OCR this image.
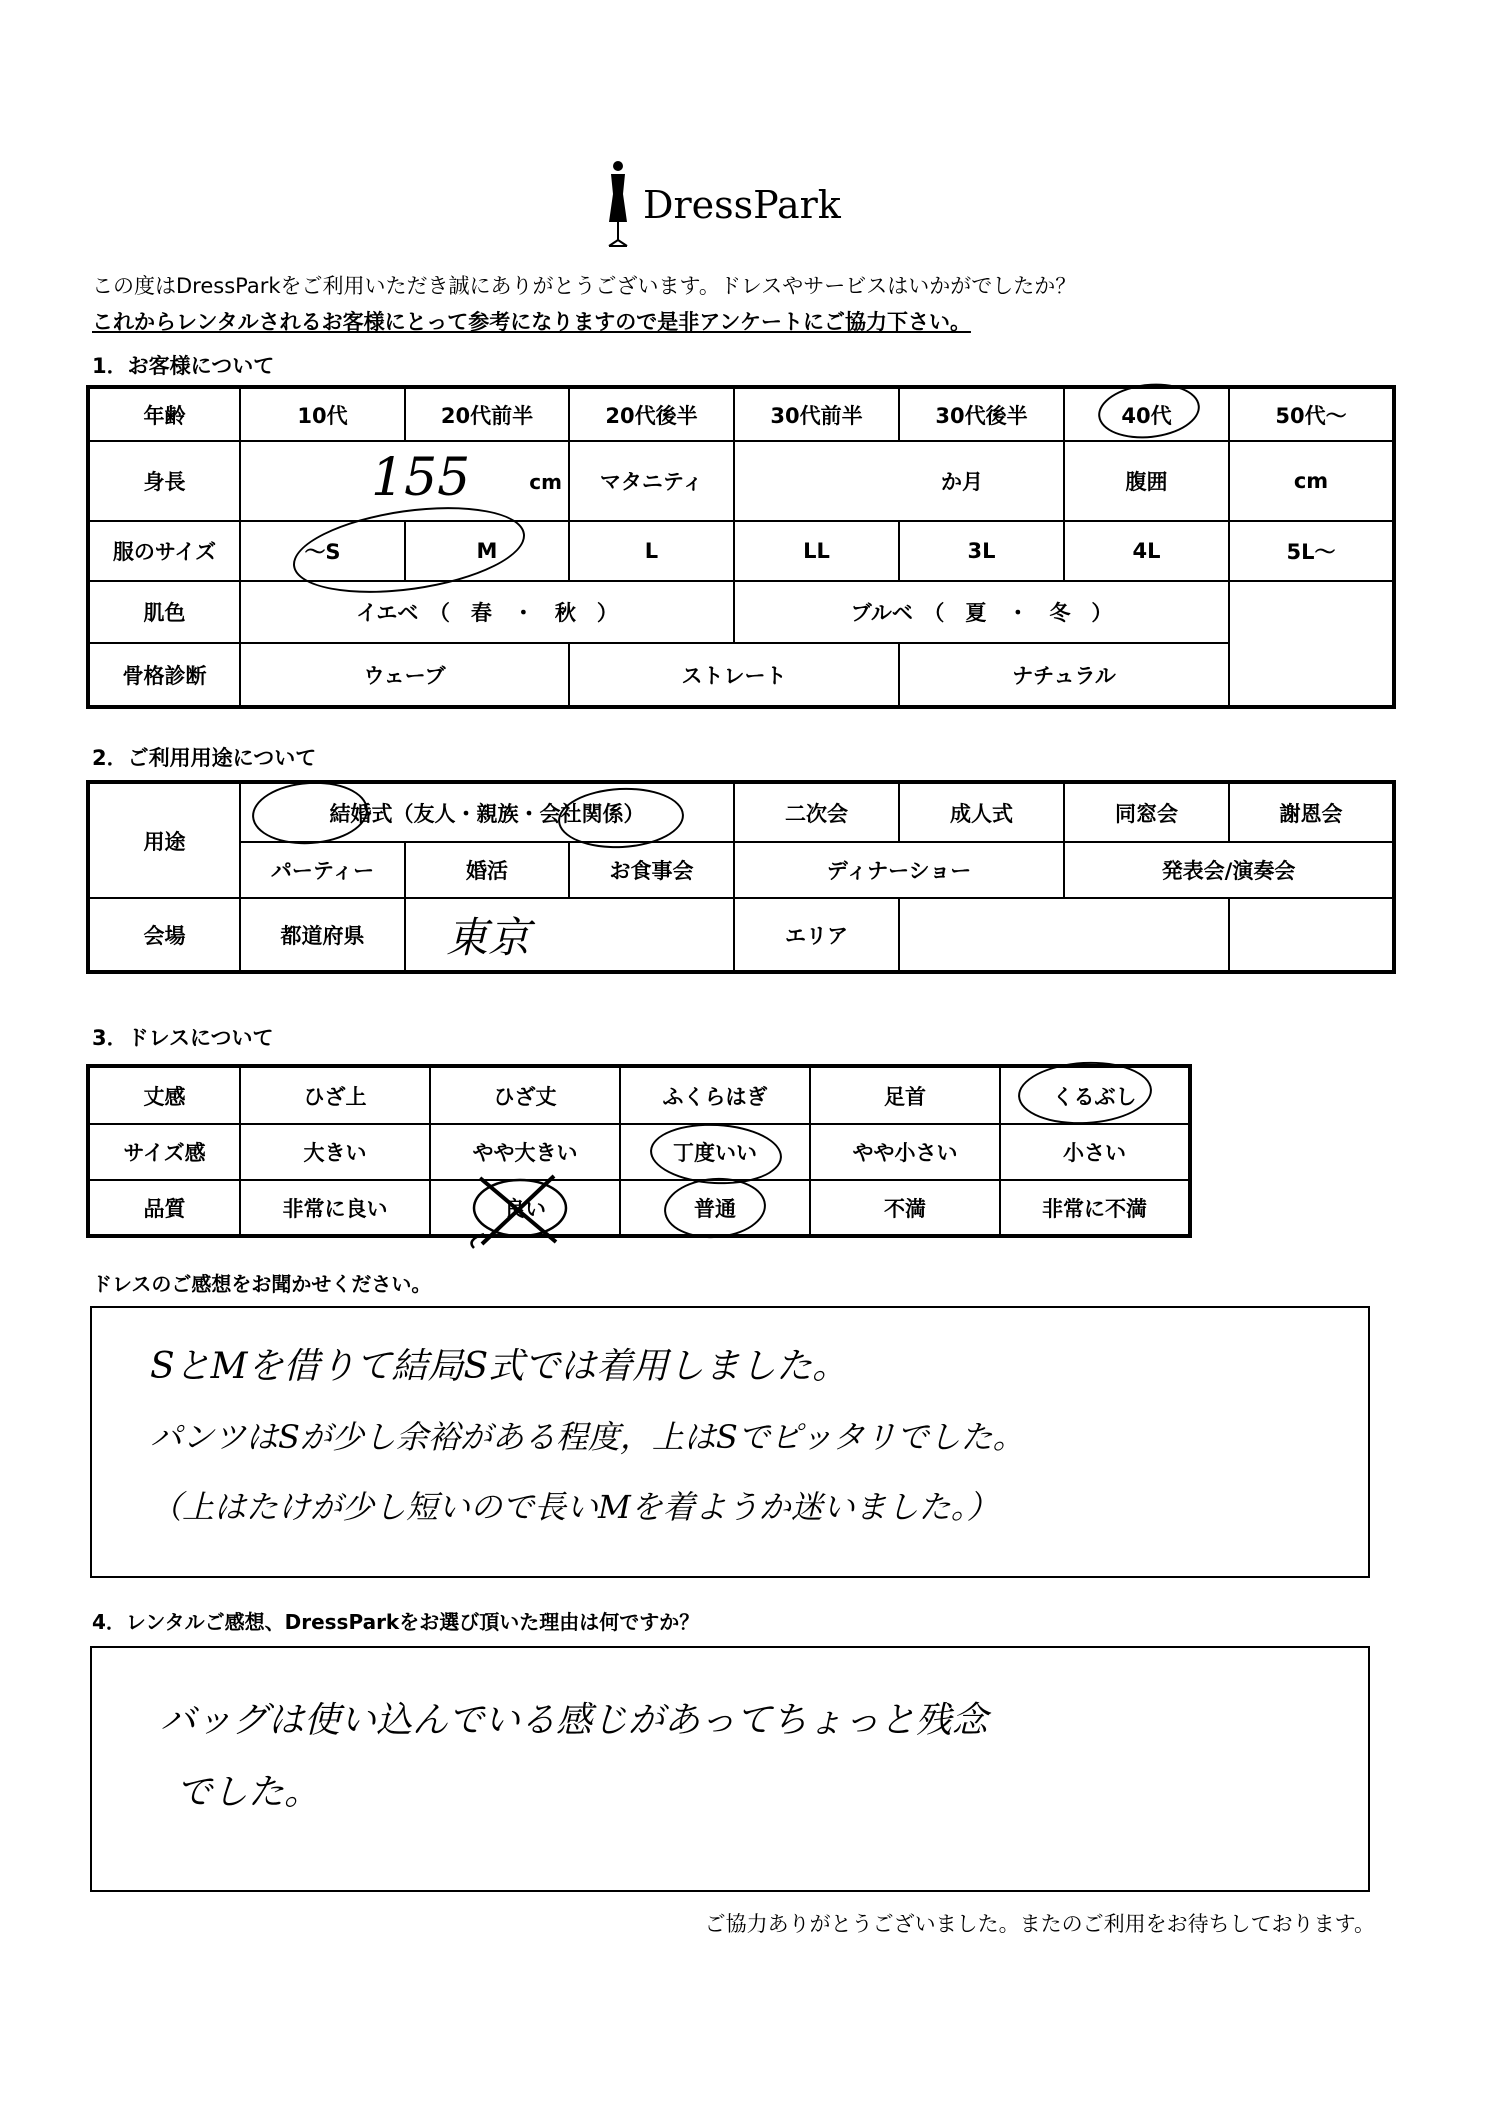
DressPark
この度はDressParkをご利用いただき誠にありがとうございます。ドレスやサービスはいかがでしたか？
これからレンタルされるお客様にとって参考になりますので是非アンケートにご協力下さい。
1．お客様について
年齢	10代	20代前半	20代後半	30代前半	30代後半	40代	50代～
身長	155 cm		マタニティ	か月		腹囲	cm
服のサイズ	～S	M	L	LL	3L	4L	5L～
肌色	イエベ　（　春　・　秋　）			ブルベ　（　夏　・　冬　）			
骨格診断	ウェーブ		ストレート		ナチュラル		
2．ご利用用途について
用途	結婚式（友人・親族・会社関係）			二次会	成人式	同窓会	謝恩会
	パーティー	婚活	お食事会	ディナーショー		発表会/演奏会	
会場	都道府県	東京		エリア			
3．ドレスについて
丈感	ひざ上	ひざ丈	ふくらはぎ	足首	くるぶし
サイズ感	大きい	やや大きい	丁度いい	やや小さい	小さい
品質	非常に良い	良い	普通	不満	非常に不満
ドレスのご感想をお聞かせください。
SとMを借りて結局S式では着用しました。
パンツはSが少し余裕がある程度，上はSでピッタリでした。
（上はたけが少し短いので長いMを着ようか迷いました。）
4．レンタルご感想、DressParkをお選び頂いた理由は何ですか？
バッグは使い込んでいる感じがあってちょっと残念
でした。
ご協力ありがとうございました。またのご利用をお待ちしております。
